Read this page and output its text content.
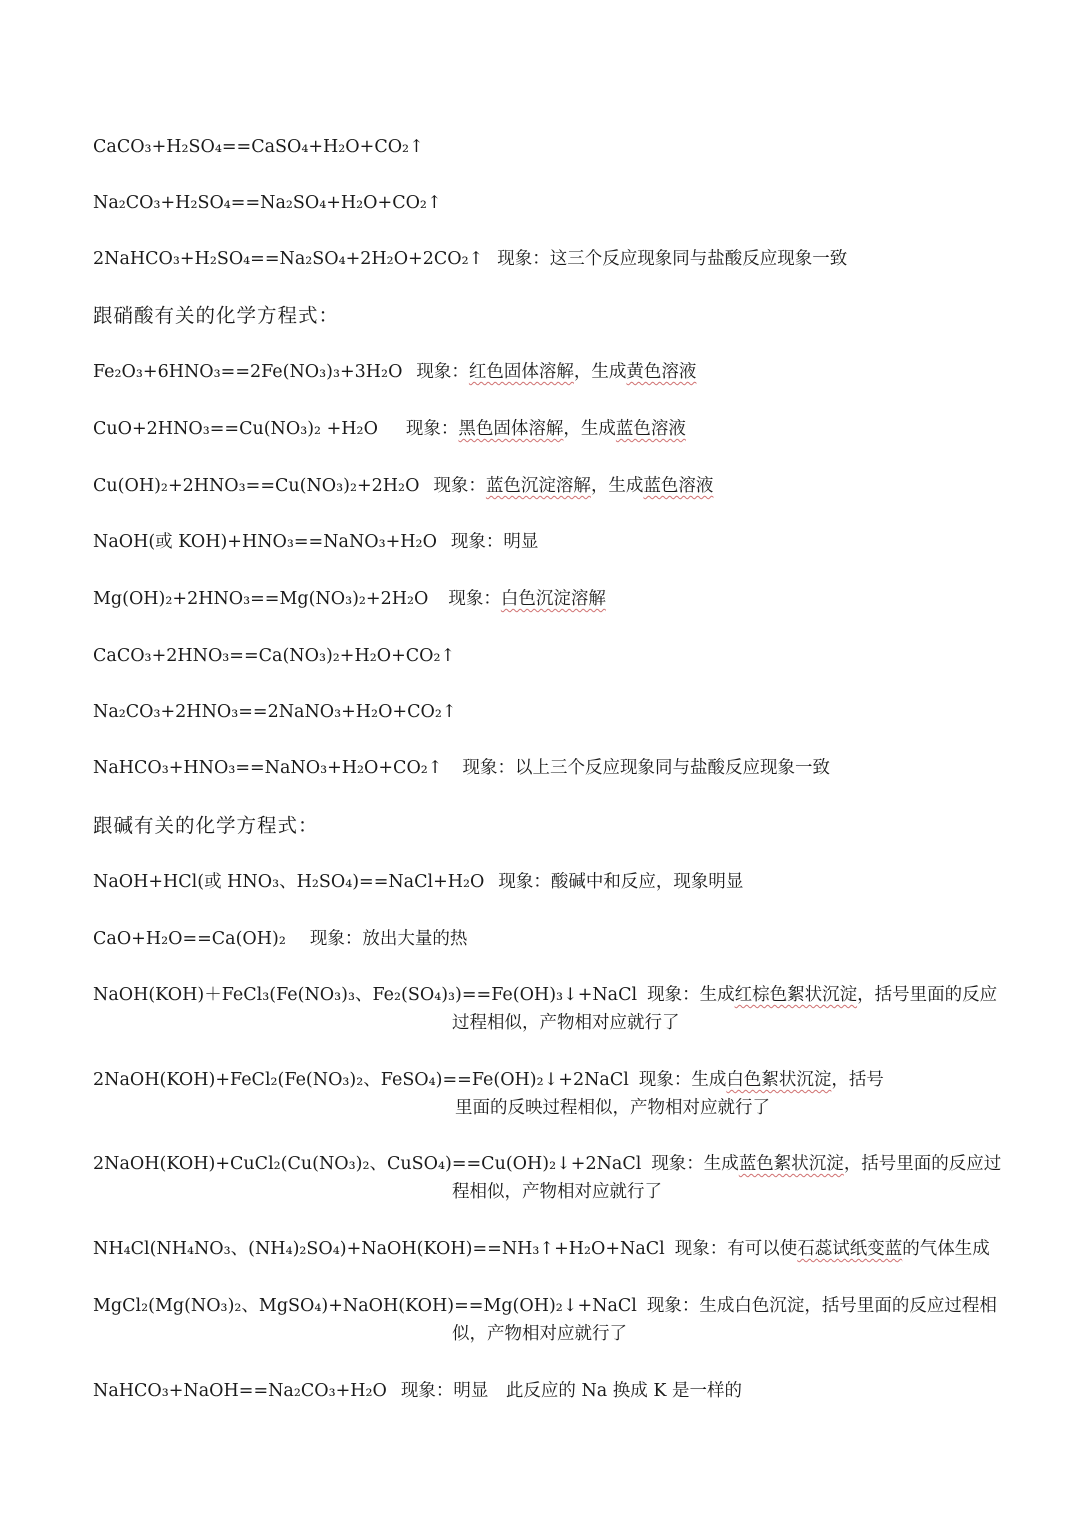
CaCO₃+H₂SO₄==CaSO₄+H₂O+CO₂↑
Na₂CO₃+H₂SO₄==Na₂SO₄+H₂O+CO₂↑
2NaHCO₃+H₂SO₄==Na₂SO₄+2H₂O+2CO₂↑ 现象：这三个反应现象同与盐酸反应现象一致
跟硝酸有关的化学方程式：
Fe₂O₃+6HNO₃==2Fe(NO₃)₃+3H₂O 现象：红色固体溶解，生成黄色溶液
CuO+2HNO₃==Cu(NO₃)₂ +H₂O 现象：黑色固体溶解，生成蓝色溶液
Cu(OH)₂+2HNO₃==Cu(NO₃)₂+2H₂O 现象：蓝色沉淀溶解，生成蓝色溶液
NaOH(或 KOH)+HNO₃==NaNO₃+H₂O 现象：明显
Mg(OH)₂+2HNO₃==Mg(NO₃)₂+2H₂O 现象：白色沉淀溶解
CaCO₃+2HNO₃==Ca(NO₃)₂+H₂O+CO₂↑
Na₂CO₃+2HNO₃==2NaNO₃+H₂O+CO₂↑
NaHCO₃+HNO₃==NaNO₃+H₂O+CO₂↑ 现象：以上三个反应现象同与盐酸反应现象一致
跟碱有关的化学方程式：
NaOH+HCl(或 HNO₃、H₂SO₄)==NaCl+H₂O 现象：酸碱中和反应，现象明显
CaO+H₂O==Ca(OH)₂ 现象：放出大量的热
NaOH(KOH)＋FeCl₃(Fe(NO₃)₃、Fe₂(SO₄)₃)==Fe(OH)₃↓+NaCl 现象：生成红棕色絮状沉淀，括号里面的反应
过程相似，产物相对应就行了
2NaOH(KOH)+FeCl₂(Fe(NO₃)₂、FeSO₄)==Fe(OH)₂↓+2NaCl 现象：生成白色絮状沉淀，括号
里面的反映过程相似，产物相对应就行了
2NaOH(KOH)+CuCl₂(Cu(NO₃)₂、CuSO₄)==Cu(OH)₂↓+2NaCl 现象：生成蓝色絮状沉淀，括号里面的反应过
程相似，产物相对应就行了
NH₄Cl(NH₄NO₃、(NH₄)₂SO₄)+NaOH(KOH)==NH₃↑+H₂O+NaCl 现象：有可以使石蕊试纸变蓝的气体生成
MgCl₂(Mg(NO₃)₂、MgSO₄)+NaOH(KOH)==Mg(OH)₂↓+NaCl 现象：生成白色沉淀，括号里面的反应过程相
似，产物相对应就行了
NaHCO₃+NaOH==Na₂CO₃+H₂O 现象：明显　此反应的 Na 换成 K 是一样的
